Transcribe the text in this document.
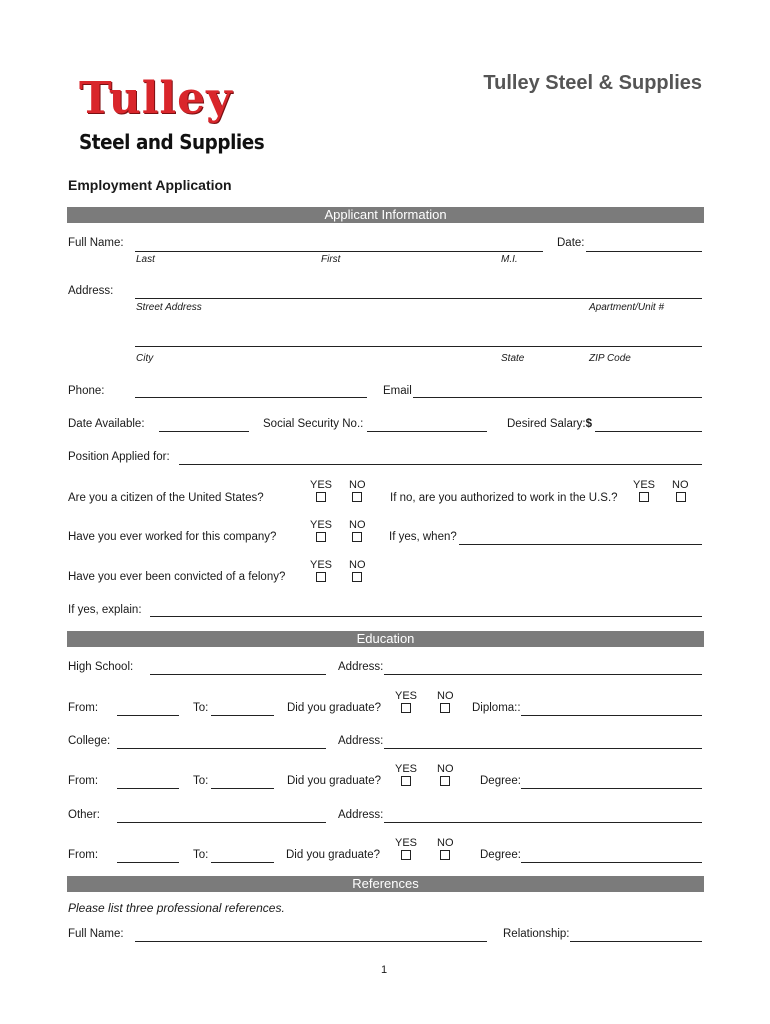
Tulley
Steel and Supplies
Tulley Steel & Supplies
Employment Application
Applicant Information
Full Name:	Date:
Last	First	M.I.
Address:
Street Address	Apartment/Unit #
City	State	ZIP Code
Phone:	Email
Date Available:	Social Security No.:	Desired Salary:$
Position Applied for:
YES NO
Are you a citizen of the United States?
YES NO
If no, are you authorized to work in the U.S.?
YES NO
Have you ever worked for this company?	If yes, when?
YES NO
Have you ever been convicted of a felony?
If yes, explain:
Education
High School:	Address:
YES NO
From:	To:	Did you graduate?	Diploma::
College:	Address:
YES NO
From:	To:	Did you graduate?	Degree:
Other:	Address:
YES NO
From:	To:	Did you graduate?	Degree:
References
Please list three professional references.
Full Name:	Relationship:
1
